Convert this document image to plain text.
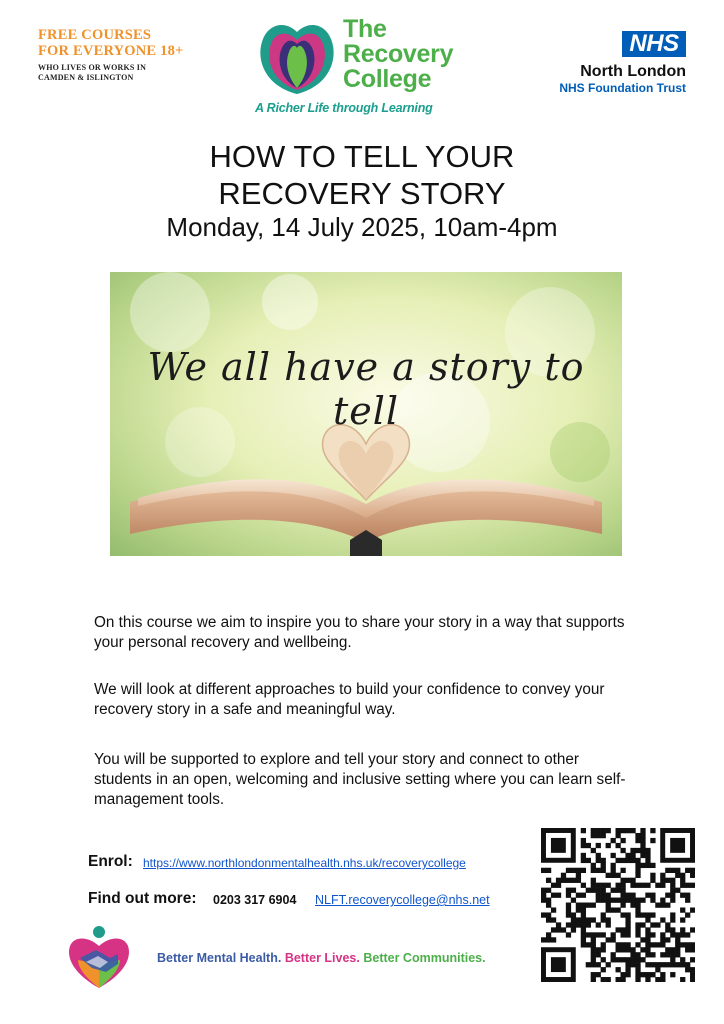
FREE COURSES
FOR EVERYONE 18+
WHO LIVES OR WORKS IN
CAMDEN & ISLINGTON
The
Recovery
College
A Richer Life through Learning
NHS
North London
NHS Foundation Trust
HOW TO TELL YOUR
RECOVERY STORY
Monday, 14 July 2025, 10am-4pm
We all have a story to tell
On this course we aim to inspire you to share your story in a way that supports your personal recovery and wellbeing.
We will look at different approaches to build your confidence to convey your recovery story in a safe and meaningful way.
You will be supported to explore and tell your story and connect to other students in an open, welcoming and inclusive setting where you can learn self-management tools.
Enrol: https://www.northlondonmentalhealth.nhs.uk/recoverycollege
Find out more: 0203 317 6904 NLFT.recoverycollege@nhs.net
Better Mental Health. Better Lives. Better Communities.
